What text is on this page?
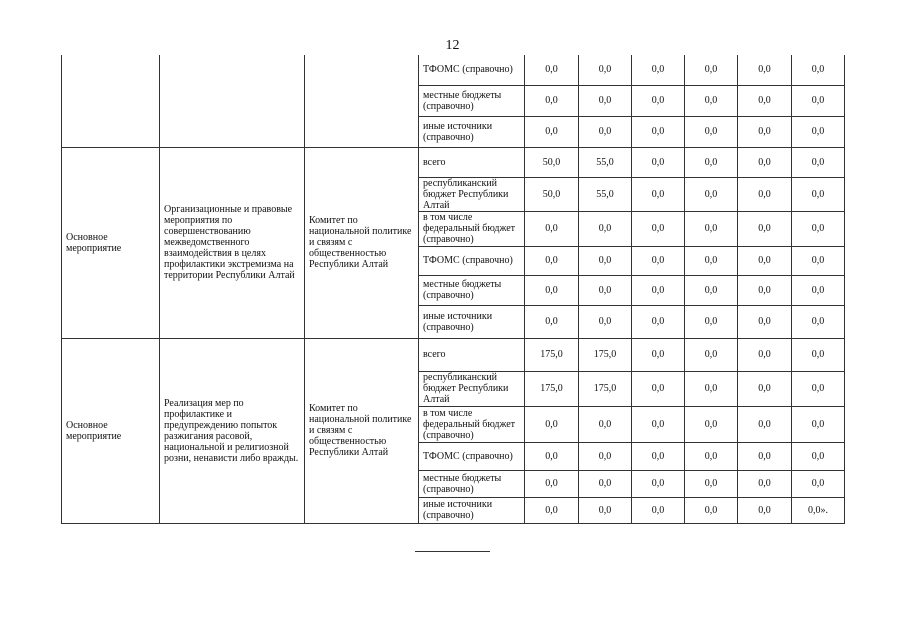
12
			ТФОМС (справочно)	0,0	0,0	0,0	0,0	0,0	0,0
			местные бюджеты (справочно)	0,0	0,0	0,0	0,0	0,0	0,0
			иные источники (справочно)	0,0	0,0	0,0	0,0	0,0	0,0
Основное мероприятие	Организационные и правовые мероприятия по совершенствованию межведомственного взаимодействия в целях профилактики экстремизма на территории Республики Алтай	Комитет по национальной политике и связям с общественностью Республики Алтай	всего	50,0	55,0	0,0	0,0	0,0	0,0
			республиканский бюджет Республики Алтай	50,0	55,0	0,0	0,0	0,0	0,0
			в том числе федеральный бюджет (справочно)	0,0	0,0	0,0	0,0	0,0	0,0
			ТФОМС (справочно)	0,0	0,0	0,0	0,0	0,0	0,0
			местные бюджеты (справочно)	0,0	0,0	0,0	0,0	0,0	0,0
			иные источники (справочно)	0,0	0,0	0,0	0,0	0,0	0,0
Основное мероприятие	Реализация мер по профилактике и предупреждению попыток разжигания расовой, национальной и религиозной розни, ненависти либо вражды.	Комитет по национальной политике и связям с общественностью Республики Алтай	всего	175,0	175,0	0,0	0,0	0,0	0,0
			республиканский бюджет Республики Алтай	175,0	175,0	0,0	0,0	0,0	0,0
			в том числе федеральный бюджет (справочно)	0,0	0,0	0,0	0,0	0,0	0,0
			ТФОМС (справочно)	0,0	0,0	0,0	0,0	0,0	0,0
			местные бюджеты (справочно)	0,0	0,0	0,0	0,0	0,0	0,0
			иные источники (справочно)	0,0	0,0	0,0	0,0	0,0	0,0».
